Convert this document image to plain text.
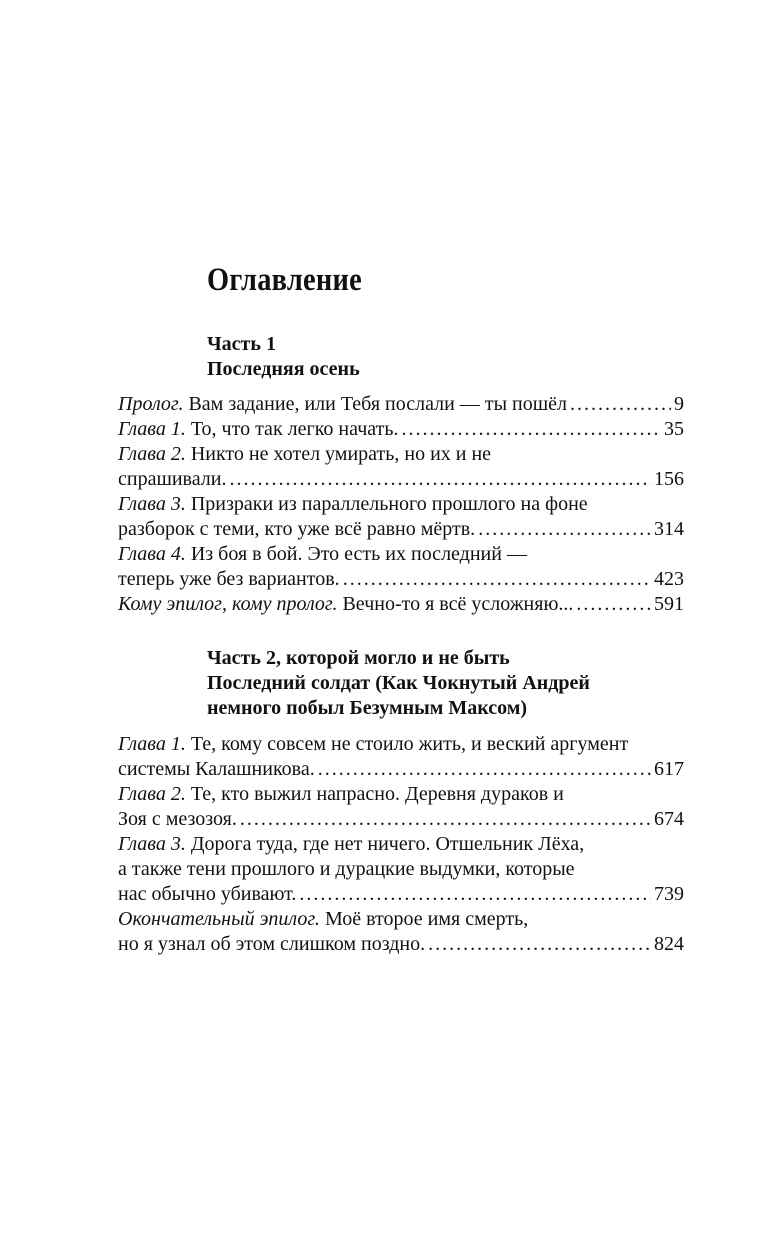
Оглавление
Часть 1
Последняя осень
Пролог. Вам задание, или Тебя послали — ты пошёл . . .	9
Глава 1. То, что так легко начать. . . .	35
Глава 2. Никто не хотел умирать, но их и не
спрашивали. . . .	156
Глава 3. Призраки из параллельного прошлого на фоне
разборок с теми, кто уже всё равно мёртв. . . .	314
Глава 4. Из боя в бой. Это есть их последний —
теперь уже без вариантов. . . .	423
Кому эпилог, кому пролог. Вечно-то я всё усложняю... . . .	591
Часть 2, которой могло и не быть
Последний солдат (Как Чокнутый Андрей
немного побыл Безумным Максом)
Глава 1. Те, кому совсем не стоило жить, и веский аргумент
системы Калашникова. . . .	617
Глава 2. Те, кто выжил напрасно. Деревня дураков и
Зоя с мезозоя. . . .	674
Глава 3. Дорога туда, где нет ничего. Отшельник Лёха,
а также тени прошлого и дурацкие выдумки, которые
нас обычно убивают. . . .	739
Окончательный эпилог. Моё второе имя смерть,
но я узнал об этом слишком поздно. . . .	824
